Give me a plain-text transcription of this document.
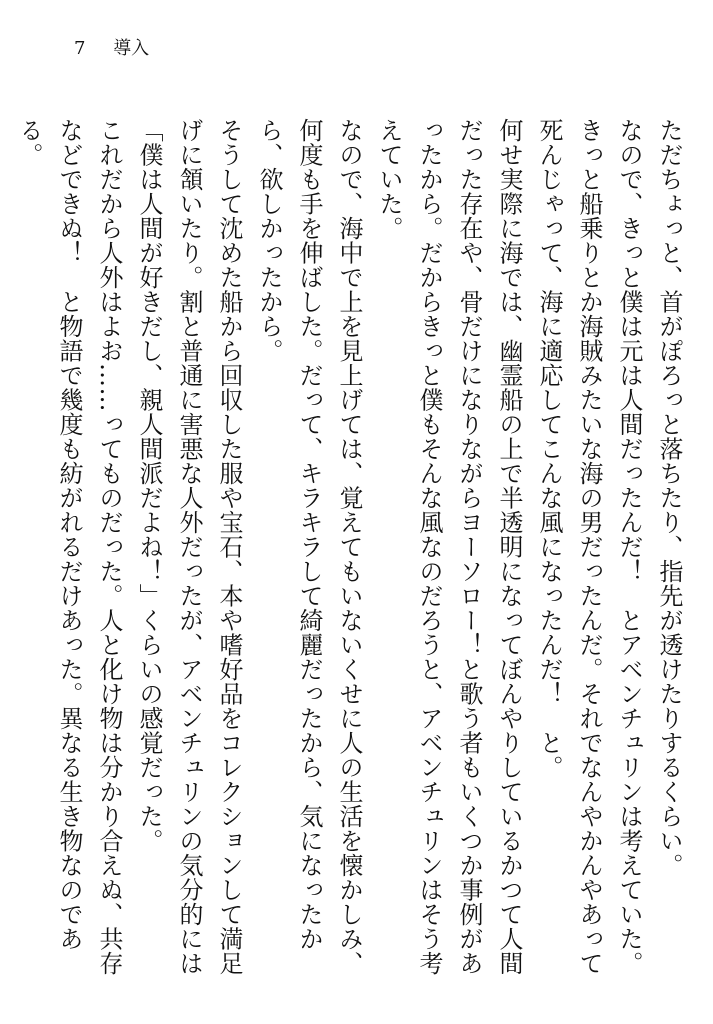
7 導入

ただちょっと、首がぽろっと落ちたり、指先が透けたりするくらい。

なので、きっと僕は元は人間だったんだ！　とアベンチュリンは考えていた。

きっと船乗りとか海賊みたいな海の男だったんだ。それでなんやかんやあって死んじゃって、海に適応してこんな風になったんだ！　と。

何せ実際に海では、幽霊船の上で半透明になってぼんやりしているかつて人間だった存在や、骨だけになりながらヨーソロー！と歌う者もいくつか事例があったから。だからきっと僕もそんな風なのだろうと、アベンチュリンはそう考えていた。

なので、海中で上を見上げては、覚えてもいないくせに人の生活を懐かしみ、何度も手を伸ばした。だって、キラキラして綺麗だったから、気になったから、欲しかったから。

そうして沈めた船から回収した服や宝石、本や嗜好品をコレクションして満足げに頷いたり。割と普通に害悪な人外だったが、アベンチュリンの気分的には「僕は人間が好きだし、親人間派だよね！」くらいの感覚だった。

これだから人外はよお……ってものだった。人と化け物は分かり合えぬ、共存などできぬ！　と物語で幾度も紡がれるだけあった。異なる生き物なのである。
